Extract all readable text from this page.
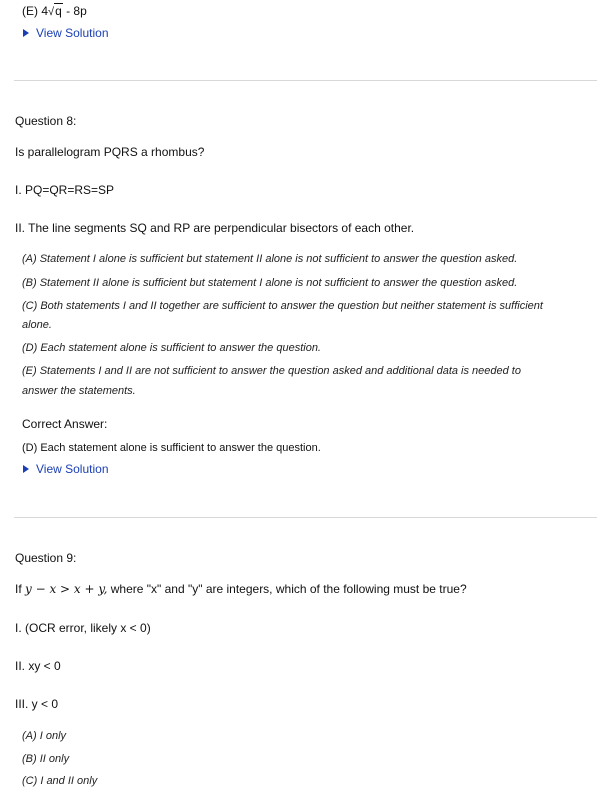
(E) 4√q - 8p
View Solution
Question 8:
Is parallelogram PQRS a rhombus?
I. PQ=QR=RS=SP
II. The line segments SQ and RP are perpendicular bisectors of each other.
(A) Statement I alone is sufficient but statement II alone is not sufficient to answer the question asked.
(B) Statement II alone is sufficient but statement I alone is not sufficient to answer the question asked.
(C) Both statements I and II together are sufficient to answer the question but neither statement is sufficient
alone.
(D) Each statement alone is sufficient to answer the question.
(E) Statements I and II are not sufficient to answer the question asked and additional data is needed to
answer the statements.
Correct Answer:
(D) Each statement alone is sufficient to answer the question.
View Solution
Question 9:
If y − x > x + y, where "x" and "y" are integers, which of the following must be true?
I. (OCR error, likely x < 0)
II. xy < 0
III. y < 0
(A) I only
(B) II only
(C) I and II only
